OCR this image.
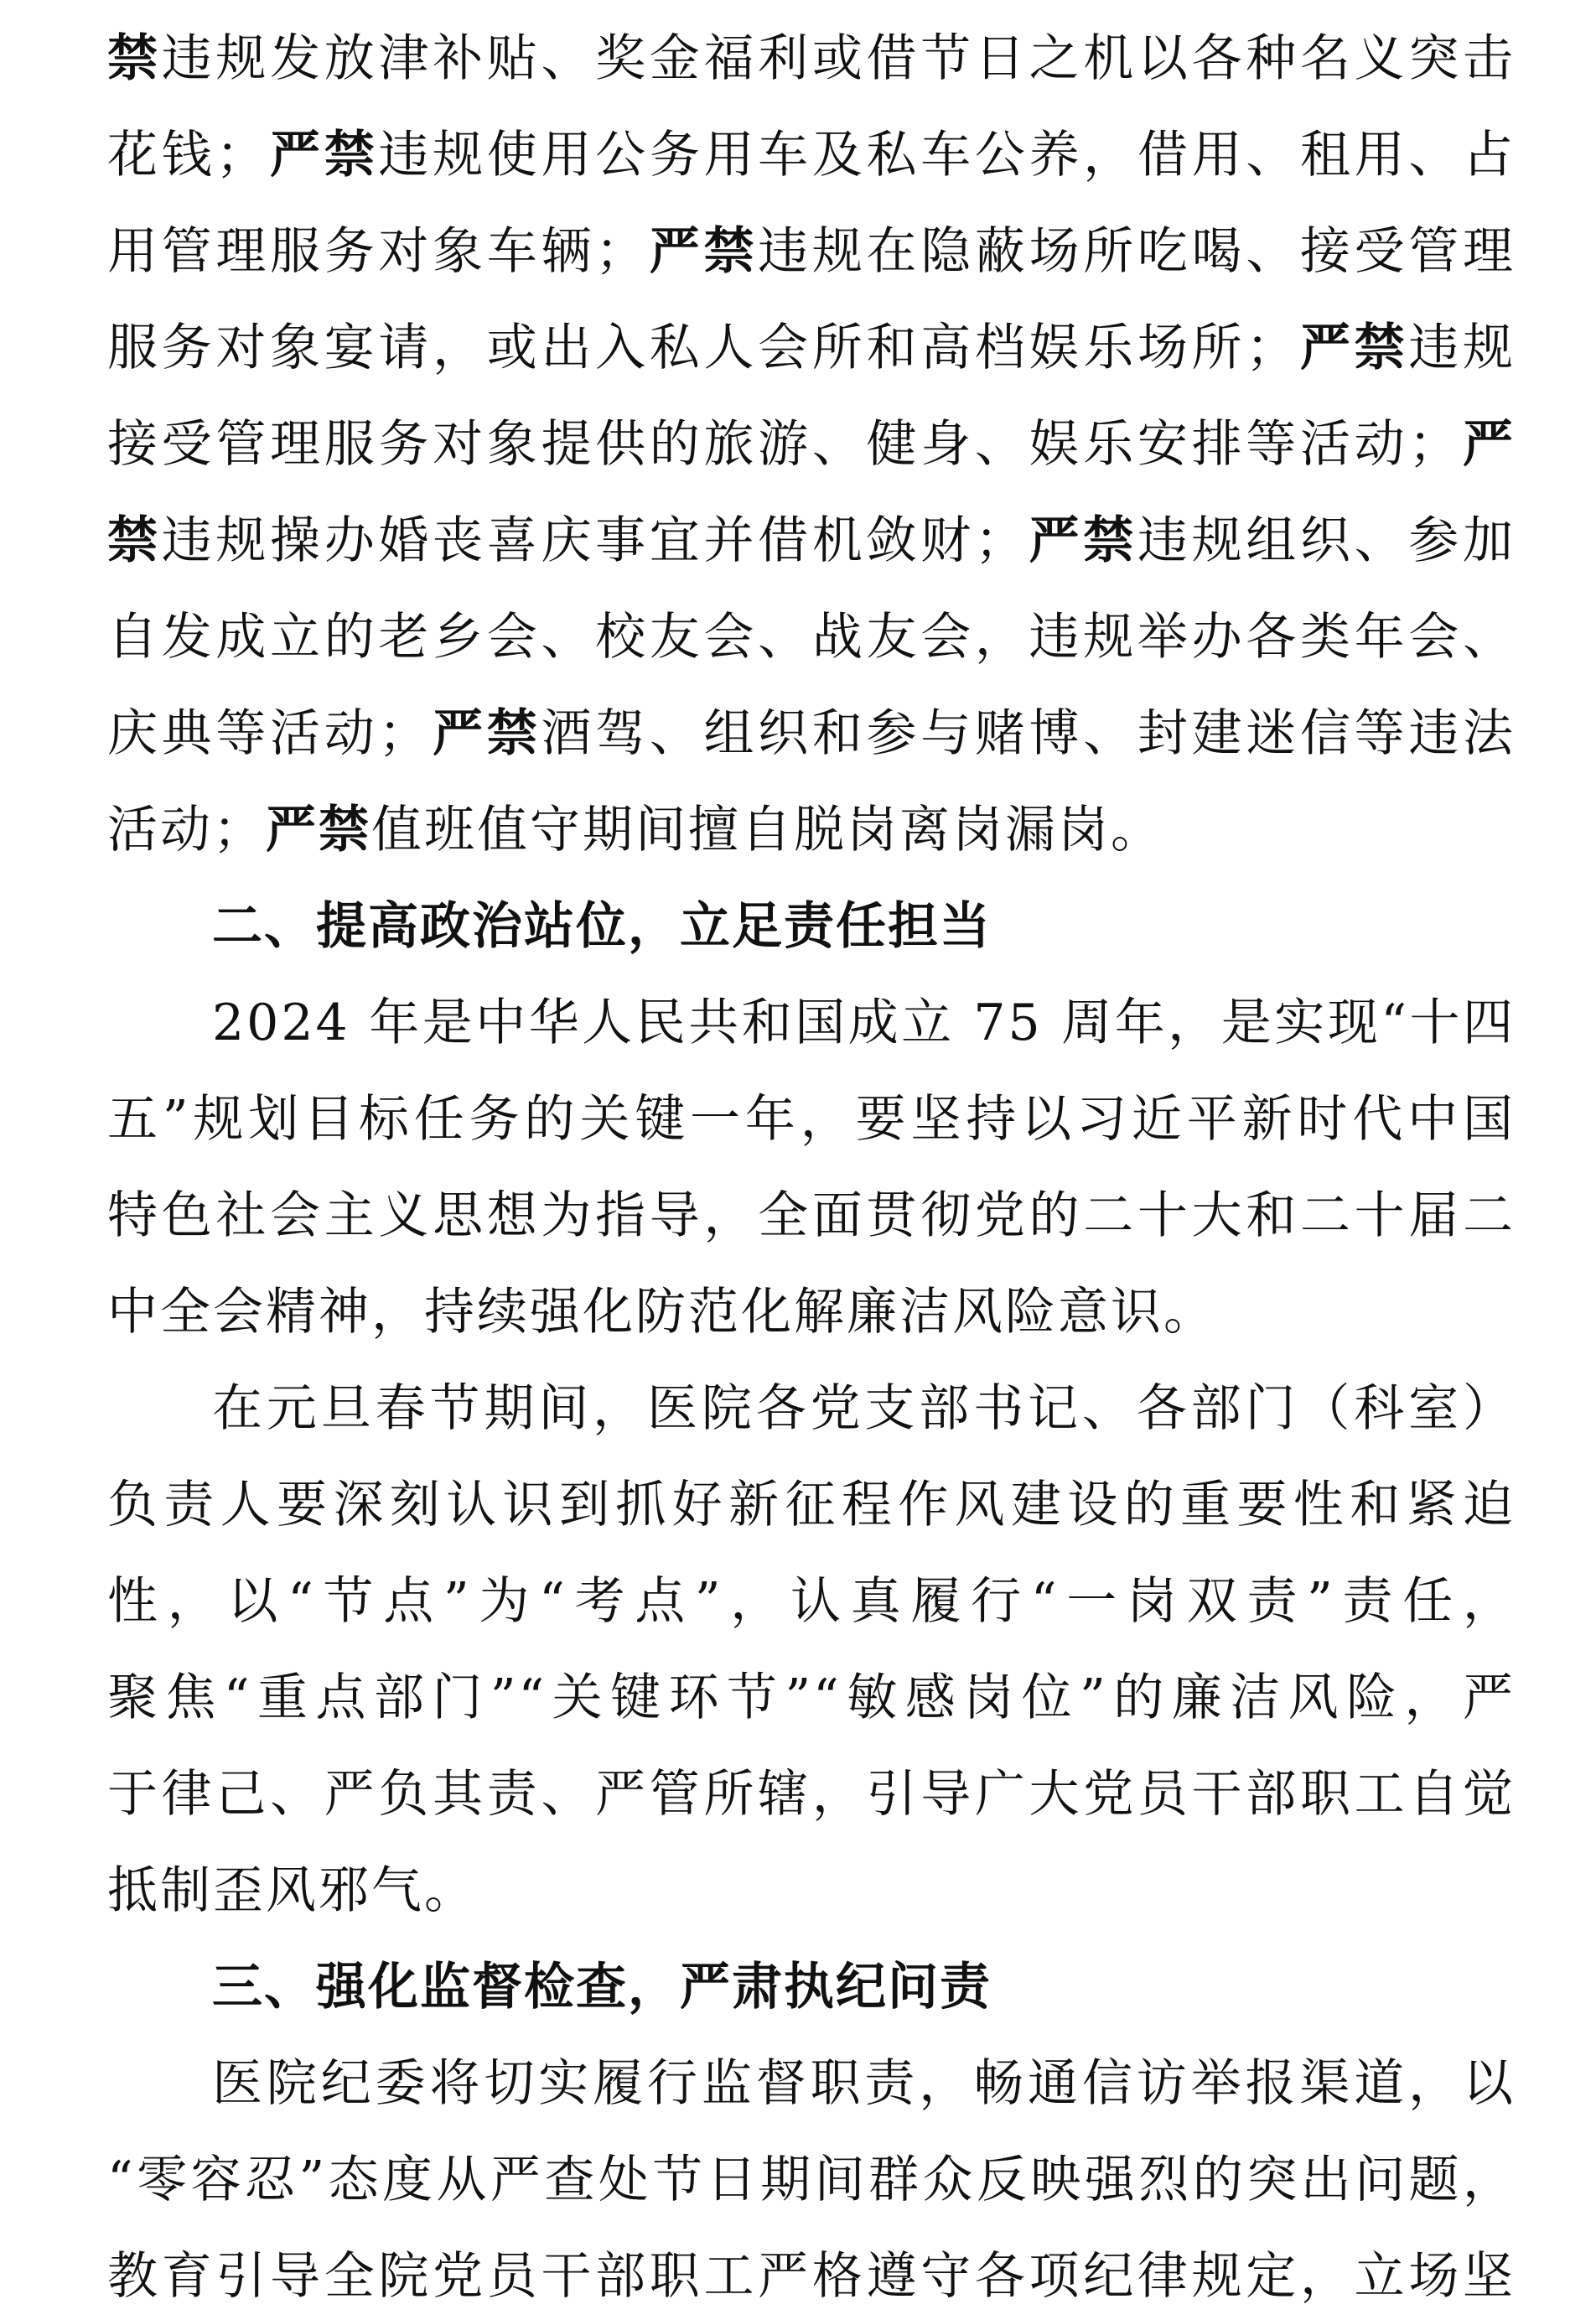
禁违规发放津补贴、奖金福利或借节日之机以各种名义突击
花钱；严禁违规使用公务用车及私车公养，借用、租用、占
用管理服务对象车辆；严禁违规在隐蔽场所吃喝、接受管理
服务对象宴请，或出入私人会所和高档娱乐场所；严禁违规
接受管理服务对象提供的旅游、健身、娱乐安排等活动；严
禁违规操办婚丧喜庆事宜并借机敛财；严禁违规组织、参加
自发成立的老乡会、校友会、战友会，违规举办各类年会、
庆典等活动；严禁酒驾、组织和参与赌博、封建迷信等违法
活动；严禁值班值守期间擅自脱岗离岗漏岗。
二、提高政治站位，立足责任担当
2024 年是中华人民共和国成立 75 周年，是实现“十四
五”规划目标任务的关键一年，要坚持以习近平新时代中国
特色社会主义思想为指导，全面贯彻党的二十大和二十届二
中全会精神，持续强化防范化解廉洁风险意识。
在元旦春节期间，医院各党支部书记、各部门（科室）
负责人要深刻认识到抓好新征程作风建设的重要性和紧迫
性，以“节点”为“考点”，认真履行“一岗双责”责任，
聚焦“重点部门”“关键环节”“敏感岗位”的廉洁风险，严
于律己、严负其责、严管所辖，引导广大党员干部职工自觉
抵制歪风邪气。
三、强化监督检查，严肃执纪问责
医院纪委将切实履行监督职责，畅通信访举报渠道，以
“零容忍”态度从严查处节日期间群众反映强烈的突出问题，
教育引导全院党员干部职工严格遵守各项纪律规定，立场坚
